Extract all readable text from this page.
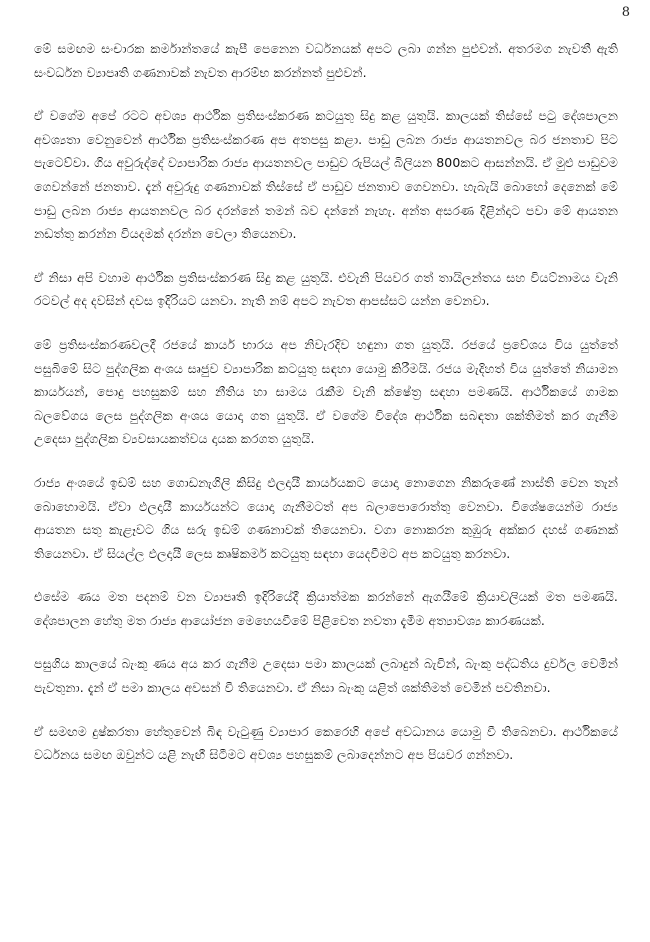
8

මේ සමඟම සංචාරක කර්මාන්තයේ කැපී පෙනෙන වර්ධනයක් අපට ලබා ගන්න පුළුවන්. අතරමග නැවතී ඇති සංවර්ධන ව්‍යාපෘති ගණනාවක් නැවත ආරම්භ කරන්නත් පුළුවන්.

ඒ වගේම අපේ රටට අවශ්‍ය ආර්ථික ප්‍රතිසංස්කරණ කටයුතු සිදු කළ යුතුයි. කාලයක් තිස්සේ පටු දේශපාලන අවශ්‍යතා වෙනුවෙන් ආර්ථික ප්‍රතිසංස්කරණ අප අතපසු කළා. පාඩු ලබන රාජ්‍ය ආයතනවල බර ජනතාව පිට පැටෙව්වා. ගිය අවුරුද්දේ ව්‍යාපාරික රාජ්‍ය ආයතනවල පාඩුව රුපියල් බිලියන 800කට ආසන්නයි. ඒ මුළු පාඩුවම ගෙවන්නේ ජනතාව. දැන් අවුරුදු ගණනාවක් තිස්සේ ඒ පාඩුව ජනතාව ගෙවනවා. හැබැයි බොහෝ දෙනෙක් මේ පාඩු ලබන රාජ්‍ය ආයතනවල බර දරන්නේ තමන් බව දන්නේ නැහැ. අන්ත අසරණ දිළින්දාට පවා මේ ආයතන නඩත්තු කරන්න වියදමක් දරන්න වෙලා තියෙනවා.

ඒ නිසා අපි වහාම ආර්ථික ප්‍රතිසංස්කරණ සිදු කළ යුතුයි. එවැනි පියවර ගත් තායිලන්තය සහ වියට්නාමය වැනි රටවල් අද දවසින් දවස ඉදිරියට යනවා. නැති නම් අපට නැවත ආපස්සට යන්න වෙනවා.

මේ ප්‍රතිසංස්කරණවලදී රජයේ කාර්ය භාරය අප නිවැරදිව හඳුනා ගත යුතුයි. රජයේ ප්‍රවේශය විය යුත්තේ පසුබිමේ සිට පුද්ගලික අංශය සෘජුව ව්‍යාපාරික කටයුතු සඳහා යොමු කිරීමයි. රජය මැදිහත් විය යුත්තේ නියාමන කාර්යයන්, පොදු පහසුකම් සහ නීතිය හා සාමය රැකීම වැනි ක්ෂේත්‍ර සඳහා පමණයි. ආර්ථිකයේ ගාමක බලවේගය ලෙස පුද්ගලික අංශය යොදා ගත යුතුයි. ඒ වගේම විදේශ ආර්ථික සබඳතා ශක්තිමත් කර ගැනීම උදෙසා පුද්ගලික ව්‍යවසායකත්වය දායක කරගත යුතුයි.

රාජ්‍ය අංශයේ ඉඩම් සහ ගොඩනැගිලි කිසිදු ඵලදායී කාර්යයකට යොදා නොගෙන නිකරුණේ නාස්ති වෙන තැන් බොහොමයි. ඒවා ඵලදායී කාර්යයන්ට යොදා ගැනීමටත් අප බලාපොරොත්තු වෙනවා. විශේෂයෙන්ම රාජ්‍ය ආයතන සතු කැළෑවට ගිය සරු ඉඩම් ගණනාවක් තියෙනවා. වගා නොකරන කුඹුරු අක්කර දහස් ගණනක් තියෙනවා. ඒ සියල්ල ඵලදායී ලෙස කෘෂිකර්ම කටයුතු සඳහා යෙදවීමට අප කටයුතු කරනවා.

එසේම ණය මත පදනම් වන ව්‍යාපෘති ඉදිරියේදී ක්‍රියාත්මක කරන්නේ ඇගයීමේ ක්‍රියාවලියක් මත පමණයි. දේශපාලන හේතු මත රාජ්‍ය ආයෝජන මෙහෙයවීමේ පිළිවෙත නවතා දැමීම අත්‍යාවශ්‍ය කාරණයක්.

පසුගිය කාලයේ බැංකු ණය අය කර ගැනීම උදෙසා පමා කාලයක් ලබාදුන් බැවින්, බැංකු පද්ධතිය දුර්වල වෙමින් පැවතුනා. දැන් ඒ පමා කාලය අවසන් වී තියෙනවා. ඒ නිසා බැංකු යළිත් ශක්තිමත් වෙමින් පවතිනවා.

ඒ සමඟම දුෂ්කරතා හේතුවෙන් බිඳ වැටුණු ව්‍යාපාර කෙරෙහි අපේ අවධානය යොමු වී තිබෙනවා. ආර්ථිකයේ වර්ධනය සමඟ ඔවුන්ට යළි නැඟී සිටීමට අවශ්‍ය පහසුකම් ලබාදෙන්නට අප පියවර ගන්නවා.
